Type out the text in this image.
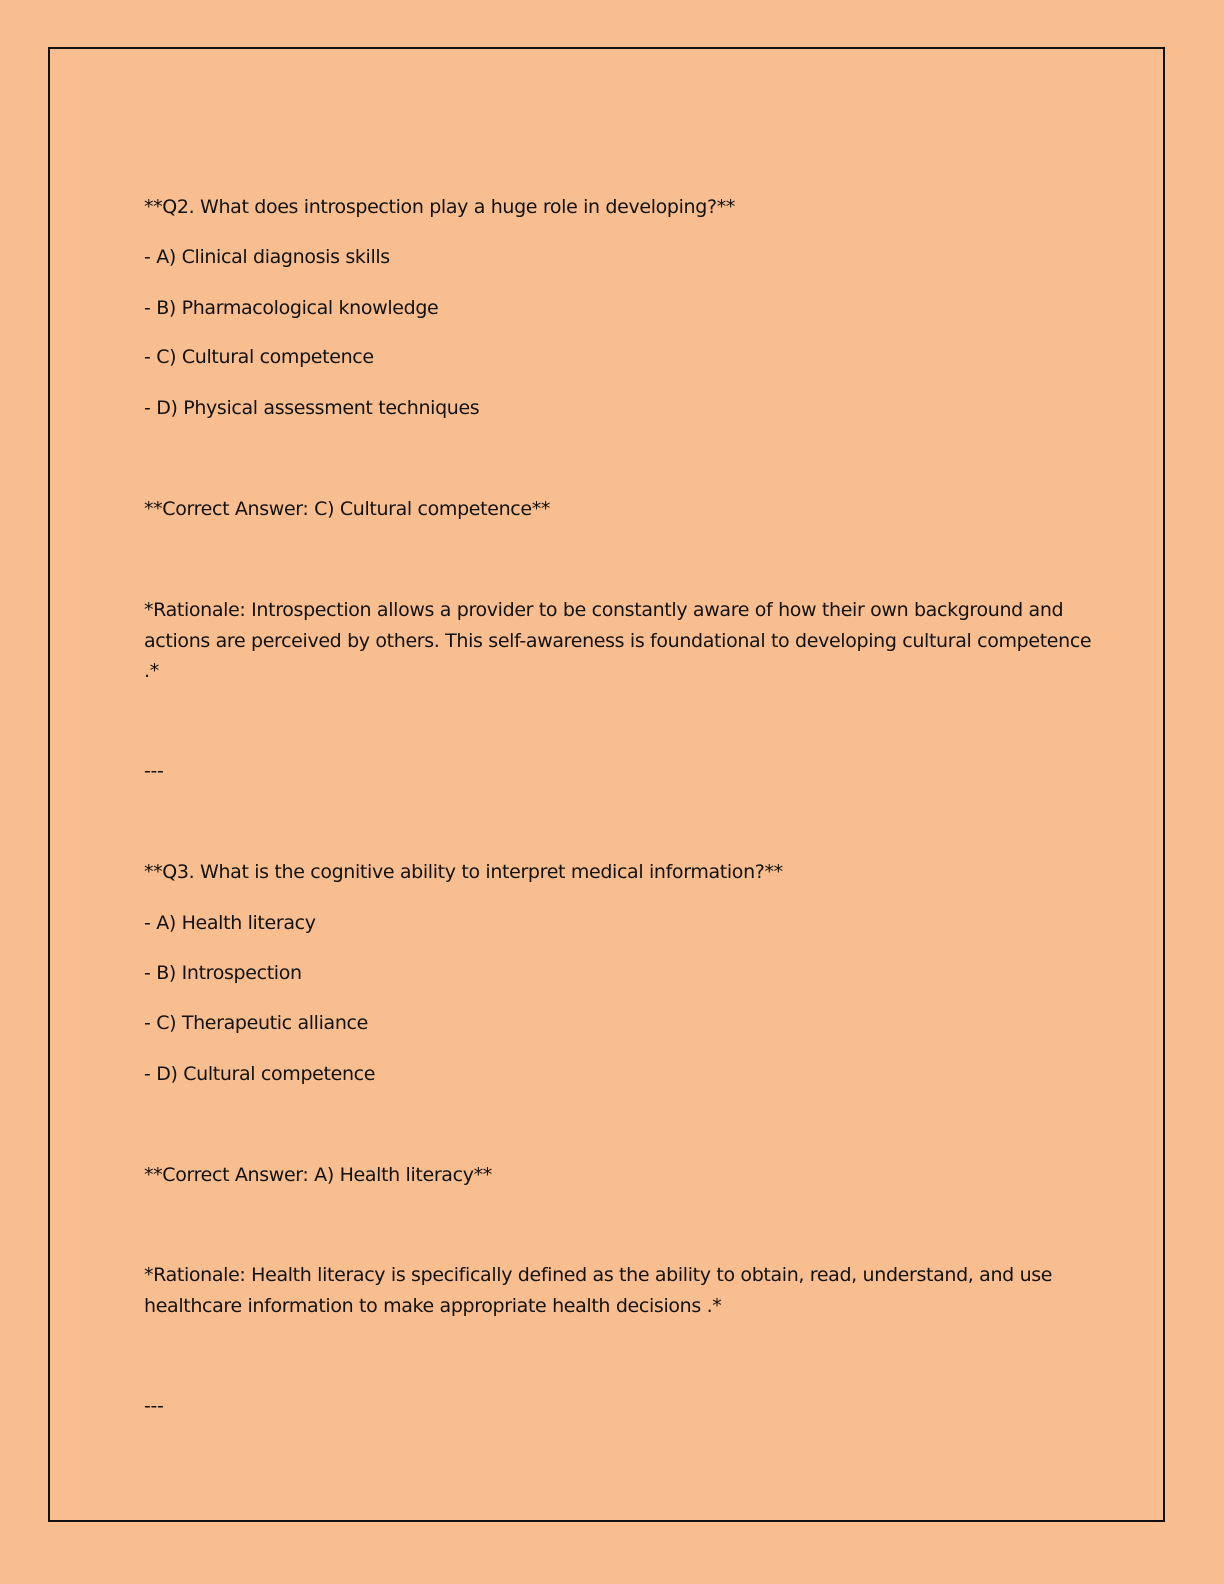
**Q2. What does introspection play a huge role in developing?**
- A) Clinical diagnosis skills
- B) Pharmacological knowledge
- C) Cultural competence
- D) Physical assessment techniques
**Correct Answer: C) Cultural competence**
*Rationale: Introspection allows a provider to be constantly aware of how their own background and
actions are perceived by others. This self-awareness is foundational to developing cultural competence
.*
---
**Q3. What is the cognitive ability to interpret medical information?**
- A) Health literacy
- B) Introspection
- C) Therapeutic alliance
- D) Cultural competence
**Correct Answer: A) Health literacy**
*Rationale: Health literacy is specifically defined as the ability to obtain, read, understand, and use
healthcare information to make appropriate health decisions .*
---
